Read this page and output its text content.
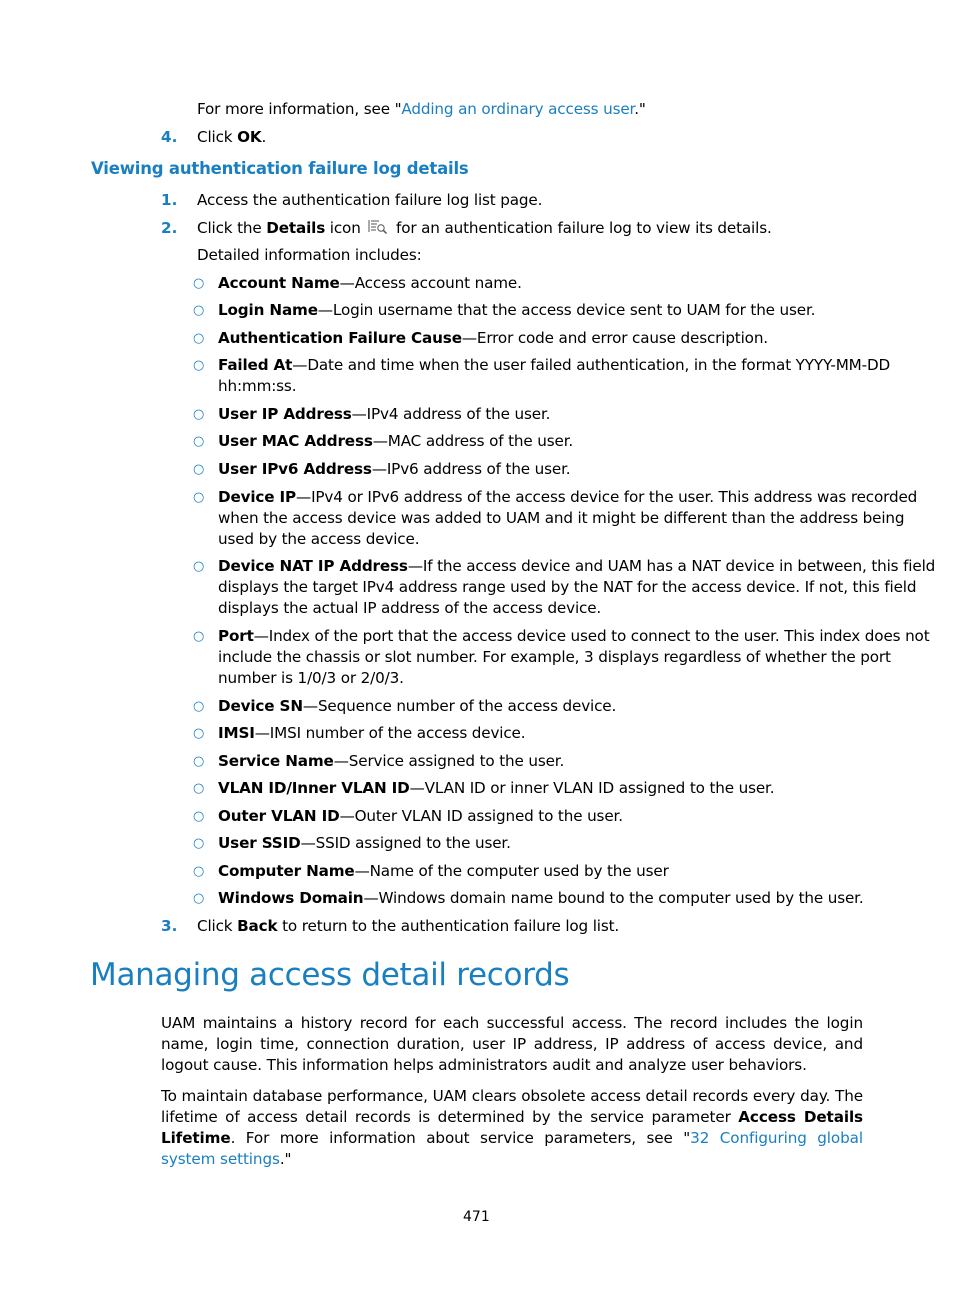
For more information, see "Adding an ordinary access user."
4. Click OK.
Viewing authentication failure log details
1. Access the authentication failure log list page.
2. Click the Details icon  for an authentication failure log to view its details.
Detailed information includes:
○ Account Name—Access account name.
○ Login Name—Login username that the access device sent to UAM for the user.
○ Authentication Failure Cause—Error code and error cause description.
○ Failed At—Date and time when the user failed authentication, in the format YYYY-MM-DD
hh:mm:ss.
○ User IP Address—IPv4 address of the user.
○ User MAC Address—MAC address of the user.
○ User IPv6 Address—IPv6 address of the user.
○ Device IP—IPv4 or IPv6 address of the access device for the user. This address was recorded
when the access device was added to UAM and it might be different than the address being
used by the access device.
○ Device NAT IP Address—If the access device and UAM has a NAT device in between, this field
displays the target IPv4 address range used by the NAT for the access device. If not, this field
displays the actual IP address of the access device.
○ Port—Index of the port that the access device used to connect to the user. This index does not
include the chassis or slot number. For example, 3 displays regardless of whether the port
number is 1/0/3 or 2/0/3.
○ Device SN—Sequence number of the access device.
○ IMSI—IMSI number of the access device.
○ Service Name—Service assigned to the user.
○ VLAN ID/Inner VLAN ID—VLAN ID or inner VLAN ID assigned to the user.
○ Outer VLAN ID—Outer VLAN ID assigned to the user.
○ User SSID—SSID assigned to the user.
○ Computer Name—Name of the computer used by the user
○ Windows Domain—Windows domain name bound to the computer used by the user.
3. Click Back to return to the authentication failure log list.
Managing access detail records
UAM maintains a history record for each successful access. The record includes the login name, login time, connection duration, user IP address, IP address of access device, and logout cause. This information helps administrators audit and analyze user behaviors.
To maintain database performance, UAM clears obsolete access detail records every day. The lifetime of access detail records is determined by the service parameter Access Details Lifetime. For more information about service parameters, see "32 Configuring global system settings."
471
